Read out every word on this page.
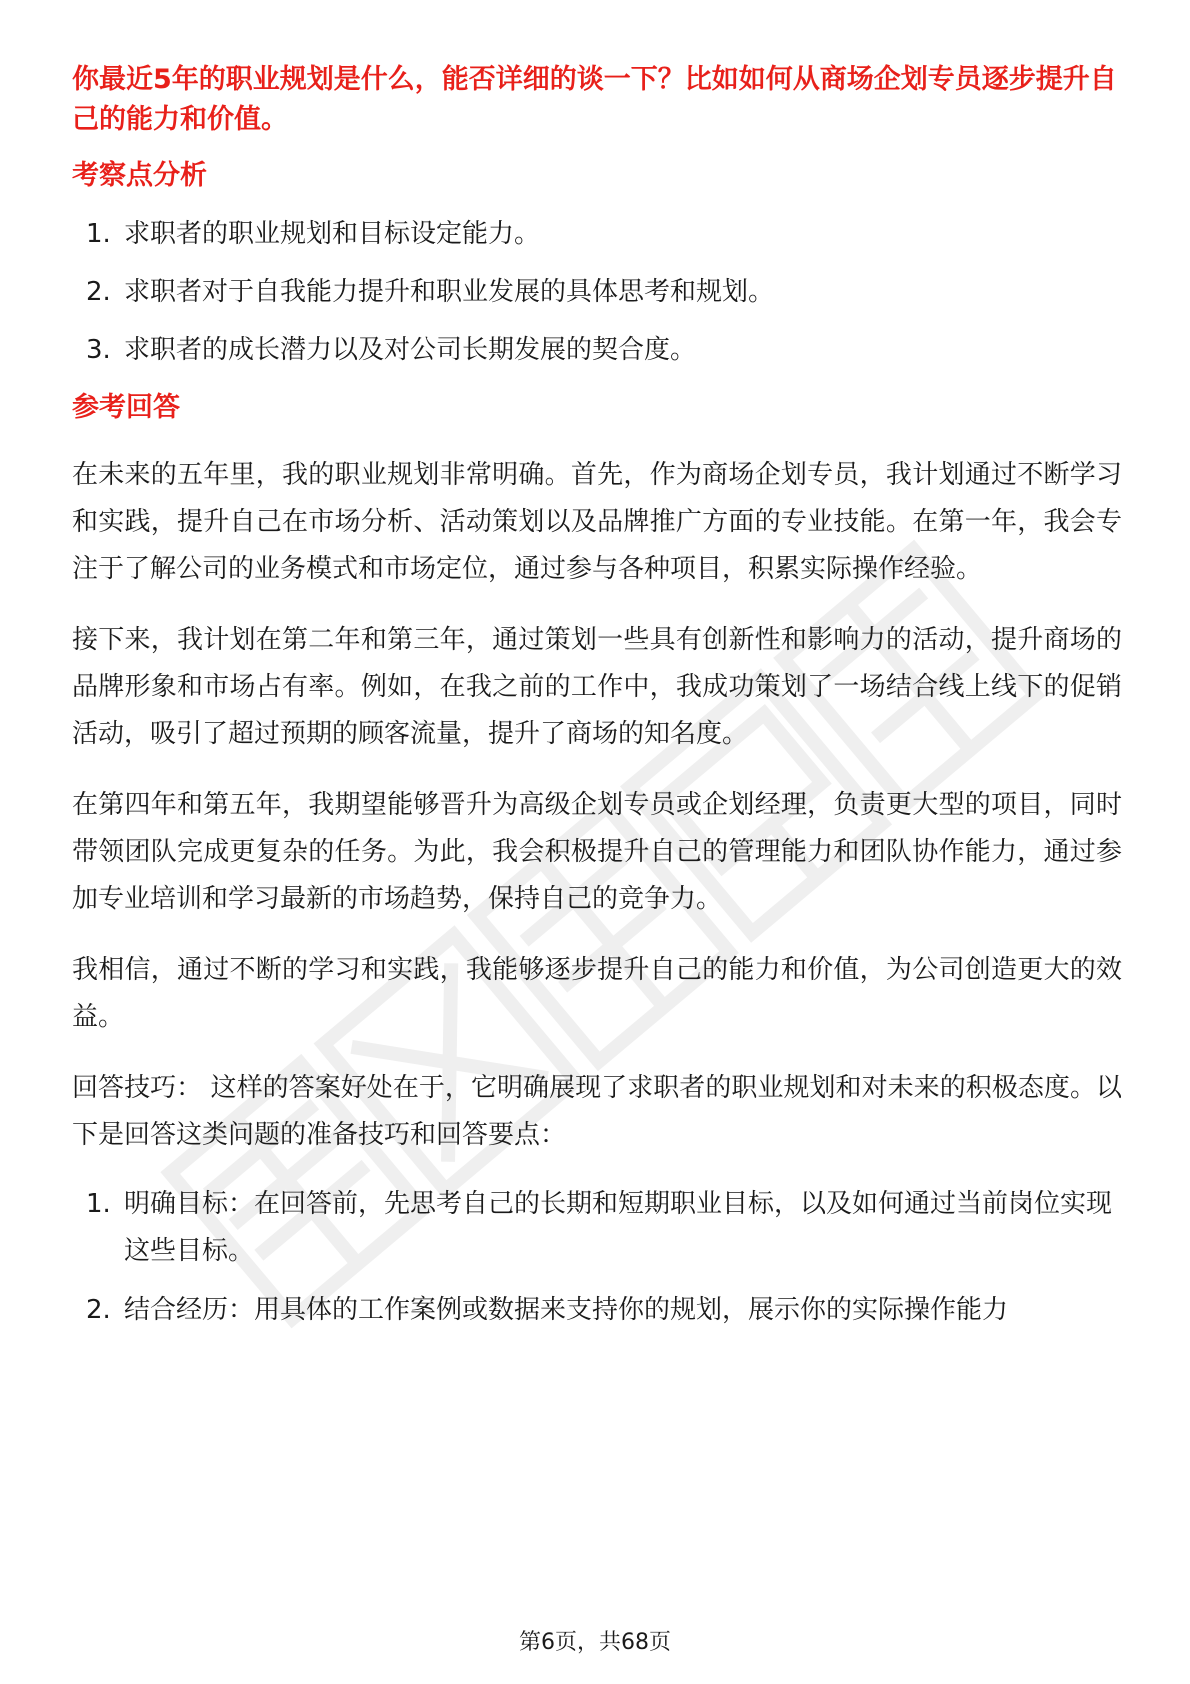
你最近5年的职业规划是什么，能否详细的谈一下？比如如何从商场企划专员逐步提升自己的能力和价值。

考察点分析
1. 求职者的职业规划和目标设定能力。
2. 求职者对于自我能力提升和职业发展的具体思考和规划。
3. 求职者的成长潜力以及对公司长期发展的契合度。
参考回答

在未来的五年里，我的职业规划非常明确。首先，作为商场企划专员，我计划通过不断学习和实践，提升自己在市场分析、活动策划以及品牌推广方面的专业技能。在第一年，我会专注于了解公司的业务模式和市场定位，通过参与各种项目，积累实际操作经验。

接下来，我计划在第二年和第三年，通过策划一些具有创新性和影响力的活动，提升商场的品牌形象和市场占有率。例如，在我之前的工作中，我成功策划了一场结合线上线下的促销活动，吸引了超过预期的顾客流量，提升了商场的知名度。

在第四年和第五年，我期望能够晋升为高级企划专员或企划经理，负责更大型的项目，同时带领团队完成更复杂的任务。为此，我会积极提升自己的管理能力和团队协作能力，通过参加专业培训和学习最新的市场趋势，保持自己的竞争力。

我相信，通过不断的学习和实践，我能够逐步提升自己的能力和价值，为公司创造更大的效益。

回答技巧： 这样的答案好处在于，它明确展现了求职者的职业规划和对未来的积极态度。以下是回答这类问题的准备技巧和回答要点：

1. 明确目标：在回答前，先思考自己的长期和短期职业目标，以及如何通过当前岗位实现这些目标。
2. 结合经历：用具体的工作案例或数据来支持你的规划，展示你的实际操作能力
第6页，共68页
